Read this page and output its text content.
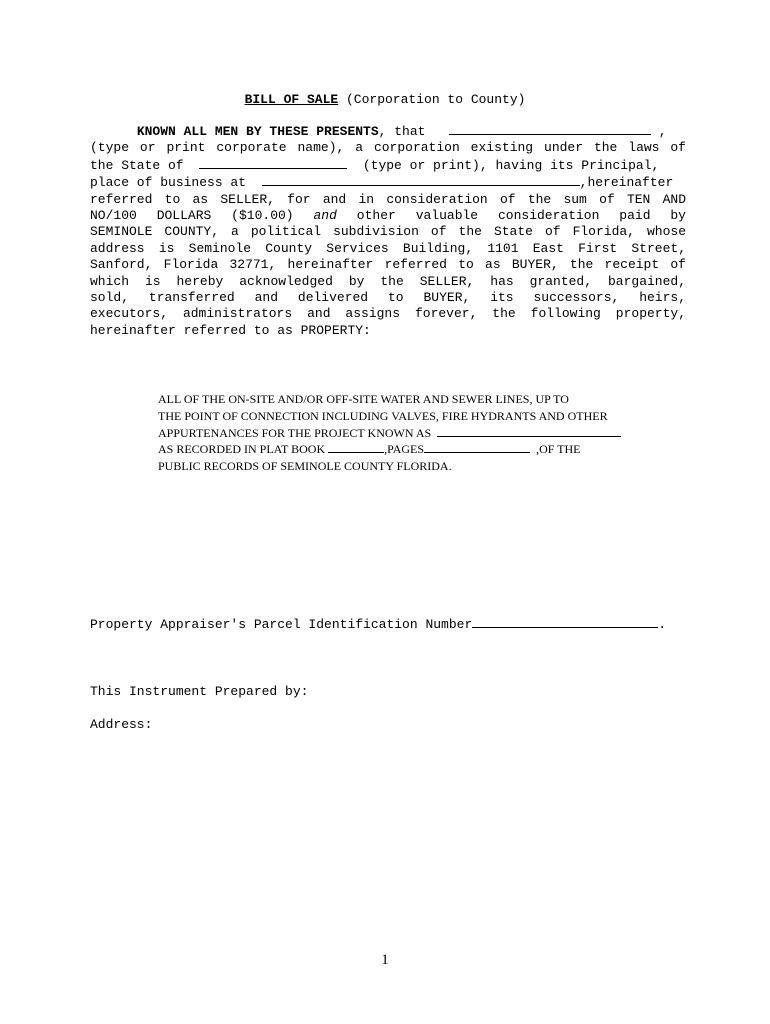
BILL OF SALE (Corporation to County)
KNOWN ALL MEN BY THESE PRESENTS, that	,
(type or print corporate name), a corporation existing under the laws of
the State of	(type or print), having its Principal,
place of business at	,hereinafter
referred to as SELLER, for and in consideration of the sum of TEN AND
NO/100 DOLLARS ($10.00) and other valuable consideration paid by
SEMINOLE COUNTY, a political subdivision of the State of Florida, whose
address is Seminole County Services Building, 1101 East First Street,
Sanford, Florida 32771, hereinafter referred to as BUYER, the receipt of
which is hereby acknowledged by the SELLER, has granted, bargained,
sold, transferred and delivered to BUYER, its successors, heirs,
executors, administrators and assigns forever, the following property,
hereinafter referred to as PROPERTY:
ALL OF THE ON-SITE AND/OR OFF-SITE WATER AND SEWER LINES, UP TO
THE POINT OF CONNECTION INCLUDING VALVES, FIRE HYDRANTS AND OTHER
APPURTENANCES FOR THE PROJECT KNOWN AS
AS RECORDED IN PLAT BOOK	,PAGES	,OF THE
PUBLIC RECORDS OF SEMINOLE COUNTY FLORIDA.
Property Appraiser's Parcel Identification Number	.
This Instrument Prepared by:
Address:
1
